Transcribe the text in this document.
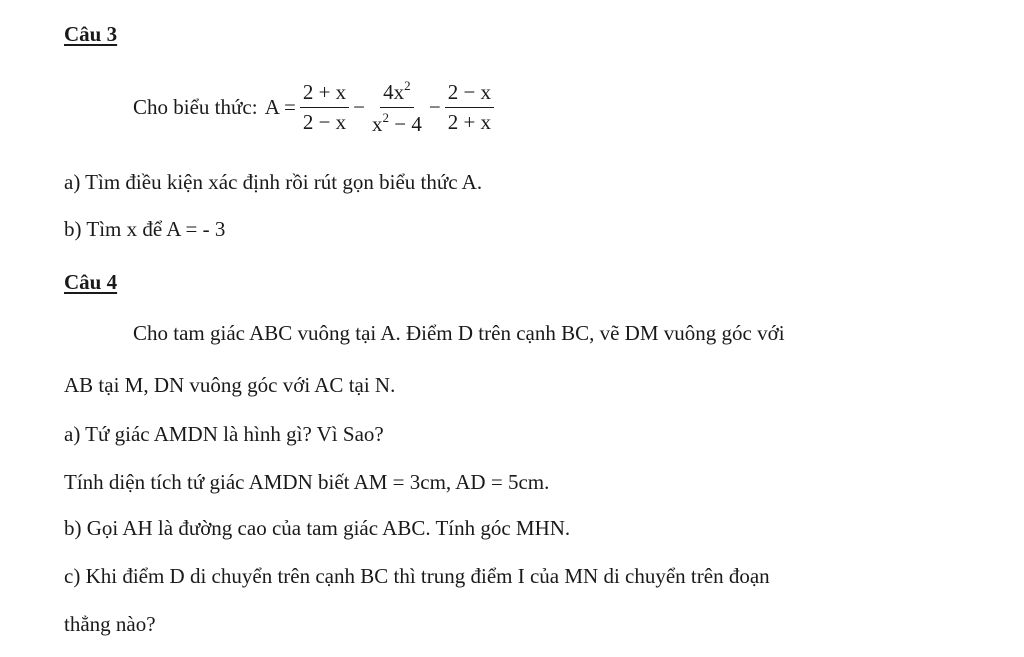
Câu 3
Cho biểu thức: $A = \frac{2 + x}{2 - x} - \frac{4x^2}{x^2 - 4} - \frac{2 - x}{2 + x}$
a) Tìm điều kiện xác định rồi rút gọn biểu thức A.
b) Tìm x để A = - 3
Câu 4
Cho tam giác ABC vuông tại A. Điểm D trên cạnh BC, vẽ DM vuông góc với
AB tại M, DN vuông góc với AC tại N.
a) Tứ giác AMDN là hình gì? Vì Sao?
Tính diện tích tứ giác AMDN biết AM = 3cm, AD = 5cm.
b) Gọi AH là đường cao của tam giác ABC. Tính góc MHN.
c) Khi điểm D di chuyển trên cạnh BC thì trung điểm I của MN di chuyển trên đoạn
thẳng nào?
